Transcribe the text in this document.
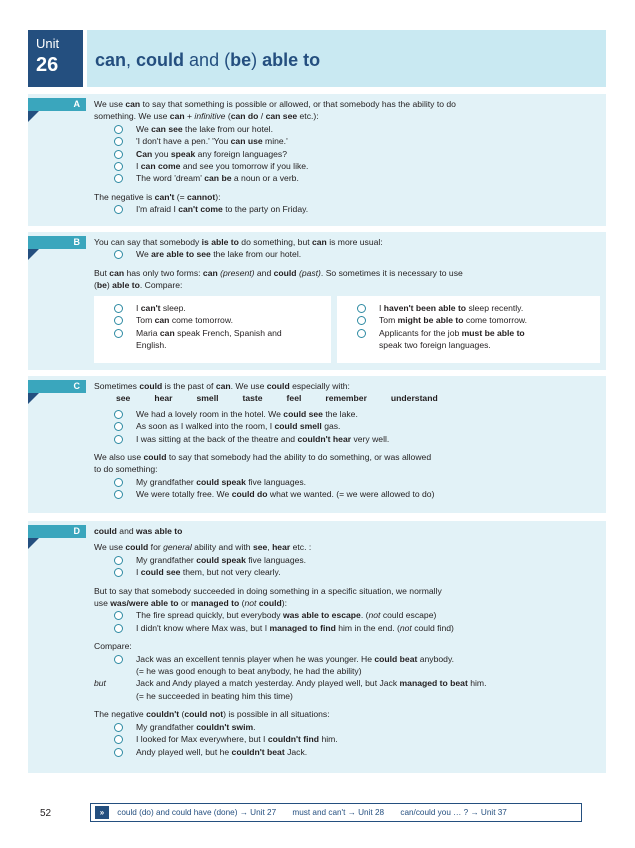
Unit
26 can, could and (be) able to
A	We use can to say that something is possible or allowed, or that somebody has the ability to do
something. We use can + infinitive (can do / can see etc.):
We can see the lake from our hotel.
'I don't have a pen.' 'You can use mine.'
Can you speak any foreign languages?
I can come and see you tomorrow if you like.
The word 'dream' can be a noun or a verb.
The negative is can't (= cannot):
I'm afraid I can't come to the party on Friday.
B	You can say that somebody is able to do something, but can is more usual:
We are able to see the lake from our hotel.
But can has only two forms: can (present) and could (past). So sometimes it is necessary to use
(be) able to. Compare:
I can't sleep.
Tom can come tomorrow.
Maria can speak French, Spanish and
English.
I haven't been able to sleep recently.
Tom might be able to come tomorrow.
Applicants for the job must be able to
speak two foreign languages.
C	Sometimes could is the past of can. We use could especially with:
see	hear	smell	taste	feel	remember	understand
We had a lovely room in the hotel. We could see the lake.
As soon as I walked into the room, I could smell gas.
I was sitting at the back of the theatre and couldn't hear very well.
We also use could to say that somebody had the ability to do something, or was allowed
to do something:
My grandfather could speak five languages.
We were totally free. We could do what we wanted. (= we were allowed to do)
D	could and was able to
We use could for general ability and with see, hear etc. :
My grandfather could speak five languages.
I could see them, but not very clearly.
But to say that somebody succeeded in doing something in a specific situation, we normally
use was/were able to or managed to (not could):
The fire spread quickly, but everybody was able to escape. (not could escape)
I didn't know where Max was, but I managed to find him in the end. (not could find)
Compare:
Jack was an excellent tennis player when he was younger. He could beat anybody.
(= he was good enough to beat anybody, he had the ability)
but	Jack and Andy played a match yesterday. Andy played well, but Jack managed to beat him.
(= he succeeded in beating him this time)
The negative couldn't (could not) is possible in all situations:
My grandfather couldn't swim.
I looked for Max everywhere, but I couldn't find him.
Andy played well, but he couldn't beat Jack.
52	» could (do) and could have (done) → Unit 27 must and can't → Unit 28 can/could you … ? → Unit 37
